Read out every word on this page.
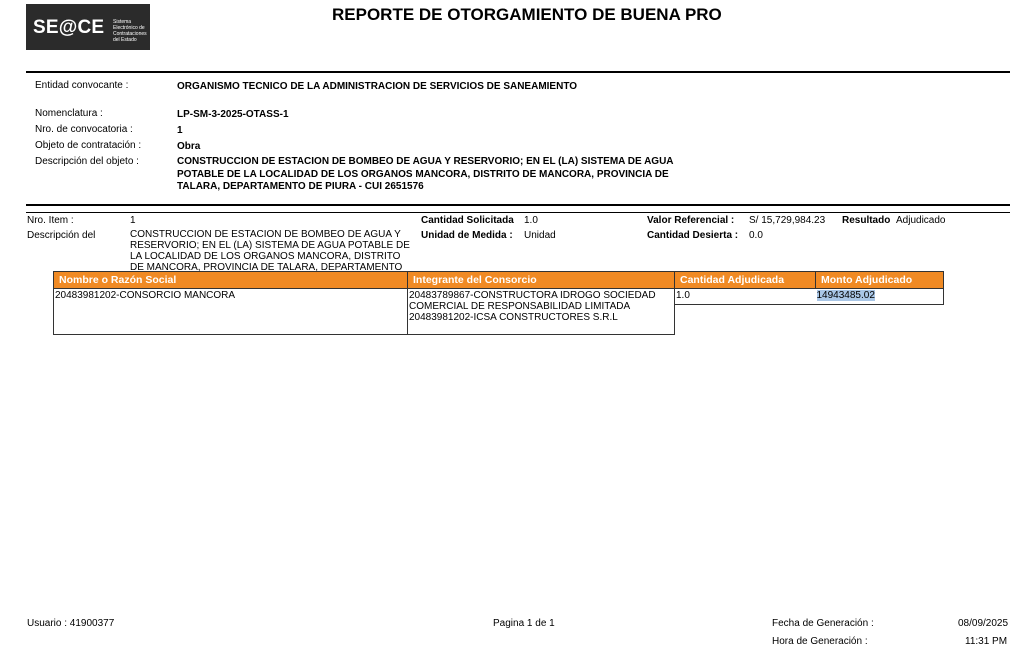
SE@CE Sistema Electrónico de Contrataciones del Estado
REPORTE DE OTORGAMIENTO DE BUENA PRO
Entidad convocante :	ORGANISMO TECNICO DE LA ADMINISTRACION DE SERVICIOS DE SANEAMIENTO
Nomenclatura :	LP-SM-3-2025-OTASS-1
Nro. de convocatoria :	1
Objeto de contratación :	Obra
Descripción del objeto :	CONSTRUCCION DE ESTACION DE BOMBEO DE AGUA Y RESERVORIO; EN EL (LA) SISTEMA DE AGUA POTABLE DE LA LOCALIDAD DE LOS ORGANOS MANCORA, DISTRITO DE MANCORA, PROVINCIA DE TALARA, DEPARTAMENTO DE PIURA - CUI 2651576
Nro. Item :	1
Descripción del	CONSTRUCCION DE ESTACION DE BOMBEO DE AGUA Y RESERVORIO; EN EL (LA) SISTEMA DE AGUA POTABLE DE LA LOCALIDAD DE LOS ORGANOS MANCORA, DISTRITO DE MANCORA, PROVINCIA DE TALARA, DEPARTAMENTO
Cantidad Solicitada 1.0
Unidad de Medida : Unidad
Valor Referencial : S/ 15,729,984.23 Resultado Adjudicado
Cantidad Desierta : 0.0
Nombre o Razón Social	Integrante del Consorcio	Cantidad Adjudicada	Monto Adjudicado
20483981202-CONSORCIO MANCORA	20483789867-CONSTRUCTORA IDROGO SOCIEDAD
COMERCIAL DE RESPONSABILIDAD LIMITADA
20483981202-ICSA CONSTRUCTORES S.R.L	1.0	14943485.02
Usuario : 41900377	Pagina 1 de 1	Fecha de Generación :	08/09/2025
Hora de Generación :	11:31 PM
